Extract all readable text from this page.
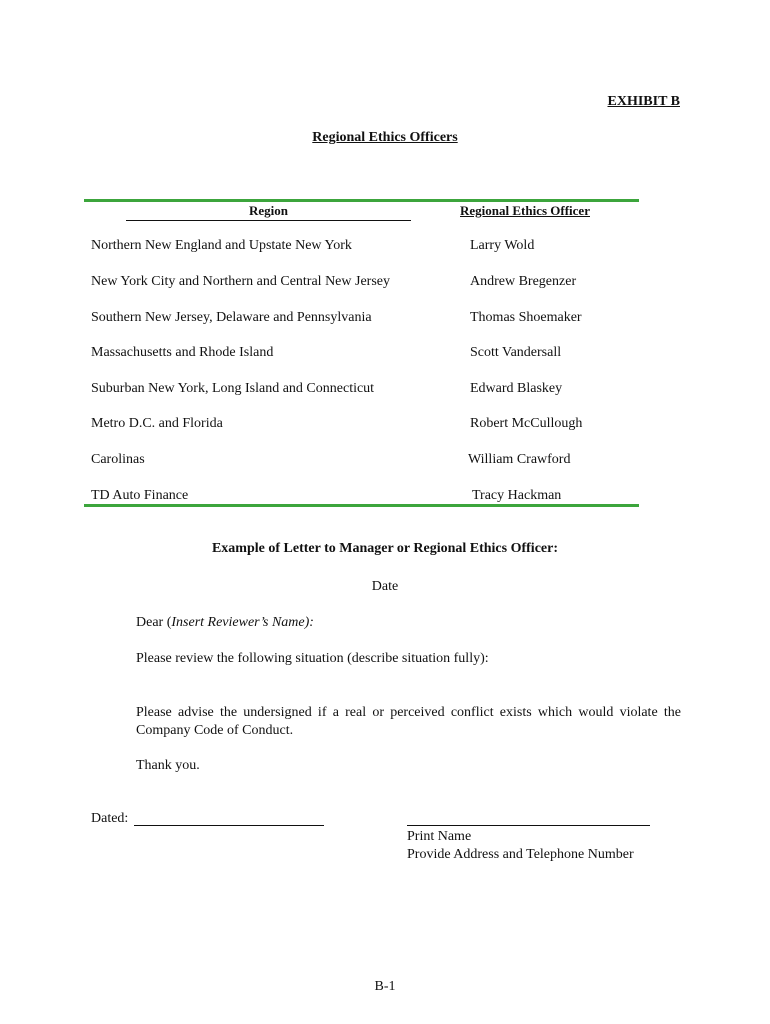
EXHIBIT B
Regional Ethics Officers
Region	Regional Ethics Officer
Northern New England and Upstate New York	Larry Wold
New York City and Northern and Central New Jersey	Andrew Bregenzer
Southern New Jersey, Delaware and Pennsylvania	Thomas Shoemaker
Massachusetts and Rhode Island	Scott Vandersall
Suburban New York, Long Island and Connecticut	Edward Blaskey
Metro D.C. and Florida	Robert McCullough
Carolinas	William Crawford
TD Auto Finance	Tracy Hackman
Example of Letter to Manager or Regional Ethics Officer:
Date
Dear (Insert Reviewer’s Name):
Please review the following situation (describe situation fully):
Please advise the undersigned if a real or perceived conflict exists which would violate the Company Code of Conduct.
Thank you.
Dated:
Print Name
Provide Address and Telephone Number
B-1
